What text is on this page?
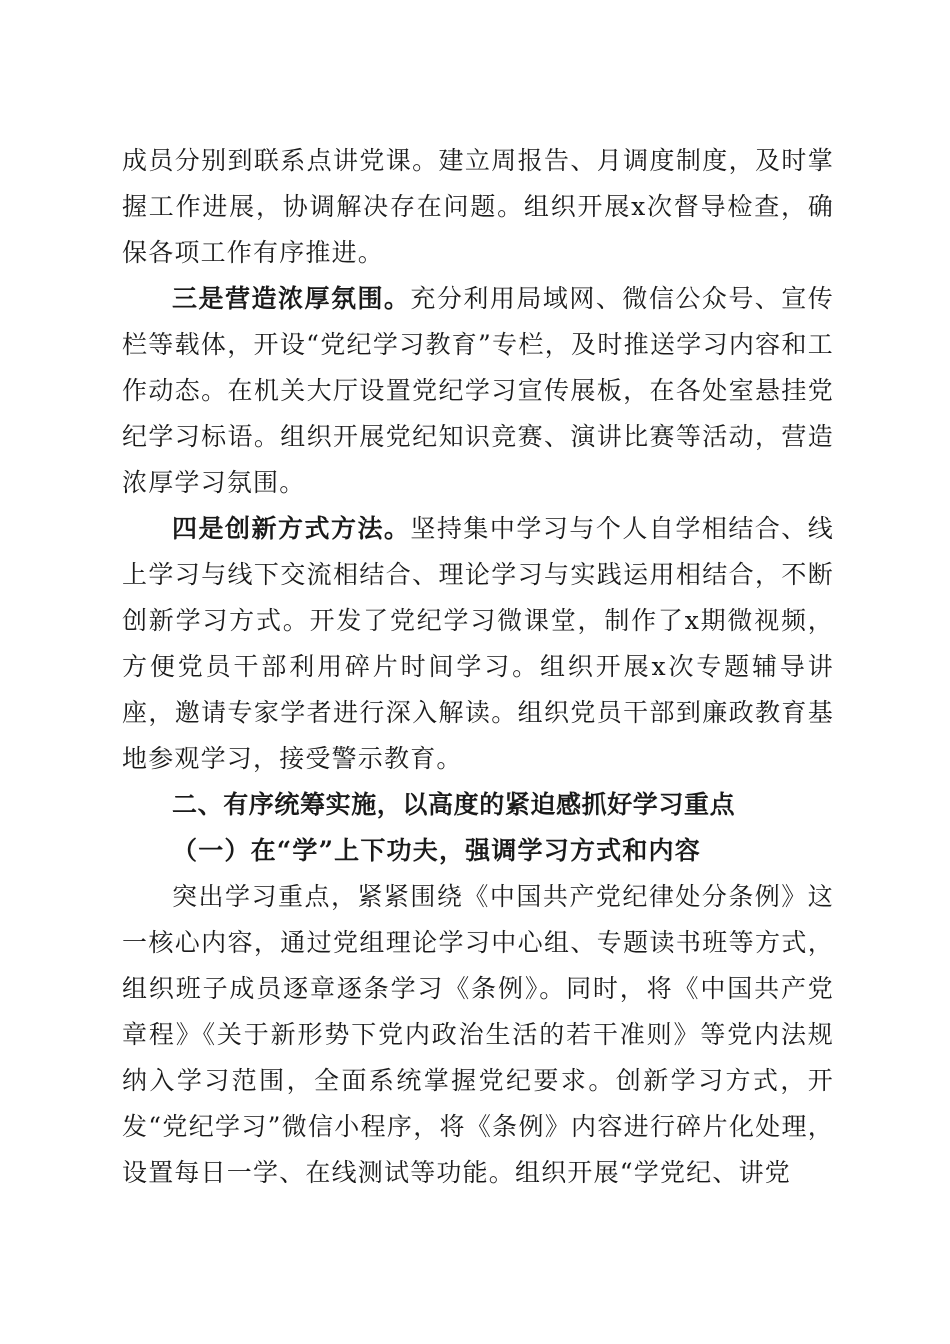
成员分别到联系点讲党课。建立周报告、月调度制度，及时掌握工作进展，协调解决存在问题。组织开展x次督导检查，确保各项工作有序推进。

三是营造浓厚氛围。充分利用局域网、微信公众号、宣传栏等载体，开设“党纪学习教育”专栏，及时推送学习内容和工作动态。在机关大厅设置党纪学习宣传展板，在各处室悬挂党纪学习标语。组织开展党纪知识竞赛、演讲比赛等活动，营造浓厚学习氛围。

四是创新方式方法。坚持集中学习与个人自学相结合、线上学习与线下交流相结合、理论学习与实践运用相结合，不断创新学习方式。开发了党纪学习微课堂，制作了x期微视频，方便党员干部利用碎片时间学习。组织开展x次专题辅导讲座，邀请专家学者进行深入解读。组织党员干部到廉政教育基地参观学习，接受警示教育。

二、有序统筹实施，以高度的紧迫感抓好学习重点

（一）在“学”上下功夫，强调学习方式和内容

突出学习重点，紧紧围绕《中国共产党纪律处分条例》这一核心内容，通过党组理论学习中心组、专题读书班等方式，组织班子成员逐章逐条学习《条例》。同时，将《中国共产党章程》《关于新形势下党内政治生活的若干准则》等党内法规纳入学习范围，全面系统掌握党纪要求。创新学习方式，开发“党纪学习”微信小程序，将《条例》内容进行碎片化处理，设置每日一学、在线测试等功能。组织开展“学党纪、讲党
